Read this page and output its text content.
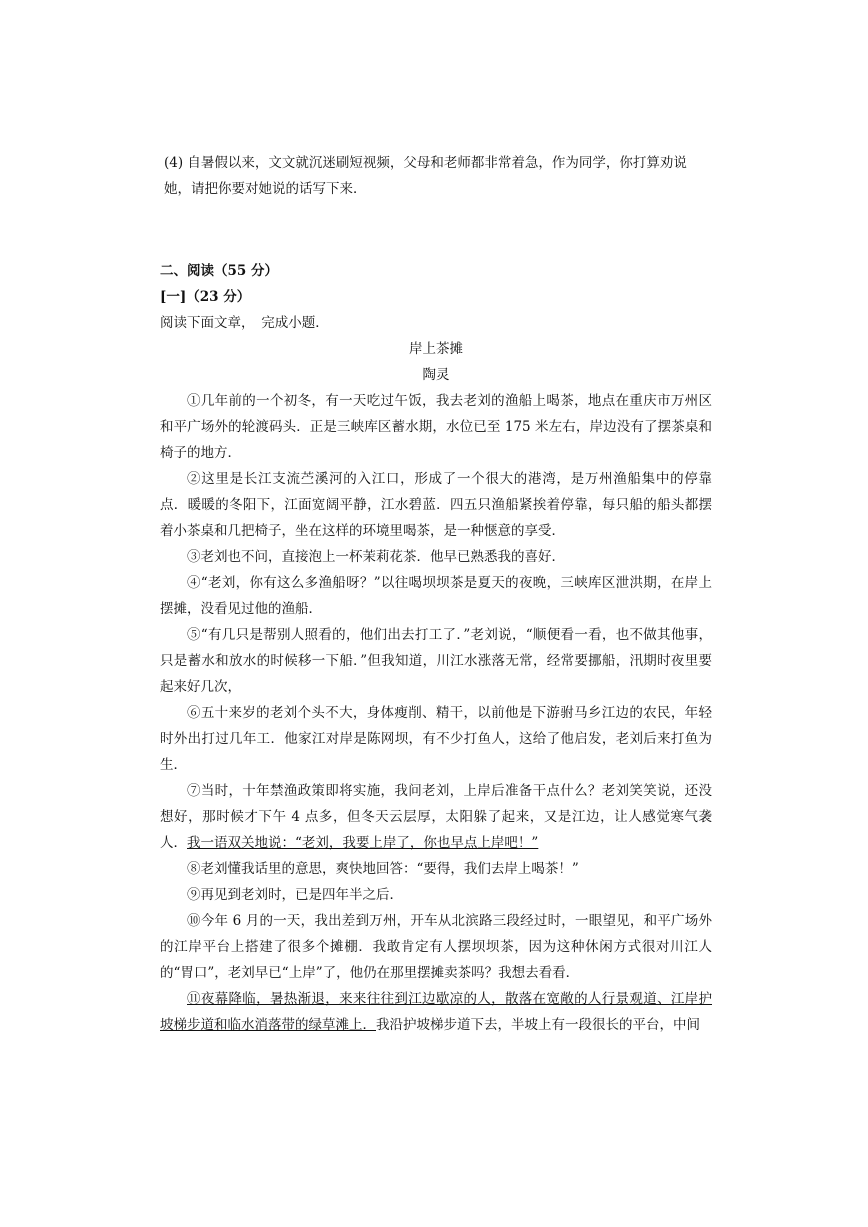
(4) 自暑假以来，文文就沉迷刷短视频，父母和老师都非常着急，作为同学，你打算劝说

她，请把你要对她说的话写下来．

二、阅读（55 分）

[一]（23 分）

阅读下面文章，　完成小题．

岸上茶摊

陶灵

①几年前的一个初冬，有一天吃过午饭，我去老刘的渔船上喝茶，地点在重庆市万州区和平广场外的轮渡码头．正是三峡库区蓄水期，水位已至 175 米左右，岸边没有了摆茶桌和椅子的地方．

②这里是长江支流苎溪河的入江口，形成了一个很大的港湾，是万州渔船集中的停靠点．暖暖的冬阳下，江面宽阔平静，江水碧蓝．四五只渔船紧挨着停靠，每只船的船头都摆着小茶桌和几把椅子，坐在这样的环境里喝茶，是一种惬意的享受．

③老刘也不问，直接泡上一杯茉莉花茶．他早已熟悉我的喜好．

④“老刘，你有这么多渔船呀？”以往喝坝坝茶是夏天的夜晚，三峡库区泄洪期，在岸上摆摊，没看见过他的渔船．

⑤“有几只是帮别人照看的，他们出去打工了．”老刘说，“顺便看一看，也不做其他事，只是蓄水和放水的时候移一下船．”但我知道，川江水涨落无常，经常要挪船，汛期时夜里要起来好几次，

⑥五十来岁的老刘个头不大，身体瘦削、精干，以前他是下游驸马乡江边的农民，年轻时外出打过几年工．他家江对岸是陈网坝，有不少打鱼人，这给了他启发，老刘后来打鱼为生．

⑦当时，十年禁渔政策即将实施，我问老刘，上岸后准备干点什么？老刘笑笑说，还没想好，那时候才下午 4 点多，但冬天云层厚，太阳躲了起来，又是江边，让人感觉寒气袭人．我一语双关地说：“老刘，我要上岸了，你也早点上岸吧！”

⑧老刘懂我话里的意思，爽快地回答：“要得，我们去岸上喝茶！”

⑨再见到老刘时，已是四年半之后．

⑩今年 6 月的一天，我出差到万州，开车从北滨路三段经过时，一眼望见，和平广场外的江岸平台上搭建了很多个摊棚．我敢肯定有人摆坝坝茶，因为这种休闲方式很对川江人的“胃口”，老刘早已“上岸”了，他仍在那里摆摊卖茶吗？我想去看看．

⑪夜幕降临，暑热渐退，来来往往到江边歇凉的人，散落在宽敞的人行景观道、江岸护坡梯步道和临水消落带的绿草滩上．我沿护坡梯步道下去，半坡上有一段很长的平台，中间
